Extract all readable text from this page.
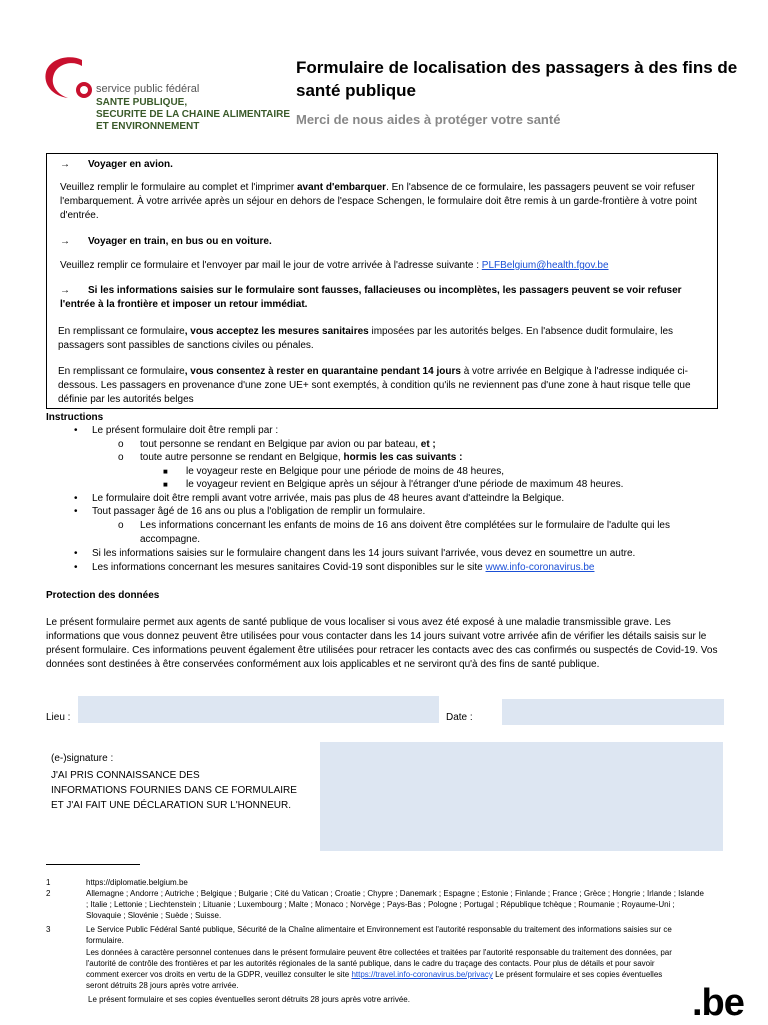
service public fédéral
SANTE PUBLIQUE,
SECURITE DE LA CHAINE ALIMENTAIRE
ET ENVIRONNEMENT
Formulaire de localisation des passagers à des fins de santé publique
Merci de nous aides à protéger votre santé
→ Voyager en avion.
Veuillez remplir le formulaire au complet et l'imprimer avant d'embarquer. En l'absence de ce formulaire, les passagers peuvent se voir refuser l'embarquement. À votre arrivée après un séjour en dehors de l'espace Schengen, le formulaire doit être remis à un garde-frontière à votre point d'entrée.
→ Voyager en train, en bus ou en voiture.
Veuillez remplir ce formulaire et l'envoyer par mail le jour de votre arrivée à l'adresse suivante : PLFBelgium@health.fgov.be
→ Si les informations saisies sur le formulaire sont fausses, fallacieuses ou incomplètes, les passagers peuvent se voir refuser l'entrée à la frontière et imposer un retour immédiat.
En remplissant ce formulaire, vous acceptez les mesures sanitaires imposées par les autorités belges. En l'absence dudit formulaire, les passagers sont passibles de sanctions civiles ou pénales.
En remplissant ce formulaire, vous consentez à rester en quarantaine pendant 14 jours à votre arrivée en Belgique à l'adresse indiquée ci-dessous. Les passagers en provenance d'une zone UE+ sont exemptés, à condition qu'ils ne reviennent pas d'une zone à haut risque telle que définie par les autorités belges
Instructions
• Le présent formulaire doit être rempli par :
o tout personne se rendant en Belgique par avion ou par bateau, et ;
o toute autre personne se rendant en Belgique, hormis les cas suivants :
■ le voyageur reste en Belgique pour une période de moins de 48 heures,
■ le voyageur revient en Belgique après un séjour à l'étranger d'une période de maximum 48 heures.
• Le formulaire doit être rempli avant votre arrivée, mais pas plus de 48 heures avant d'atteindre la Belgique.
• Tout passager âgé de 16 ans ou plus a l'obligation de remplir un formulaire.
o Les informations concernant les enfants de moins de 16 ans doivent être complétées sur le formulaire de l'adulte qui les accompagne.
• Si les informations saisies sur le formulaire changent dans les 14 jours suivant l'arrivée, vous devez en soumettre un autre.
• Les informations concernant les mesures sanitaires Covid-19 sont disponibles sur le site www.info-coronavirus.be
Protection des données
Le présent formulaire permet aux agents de santé publique de vous localiser si vous avez été exposé à une maladie transmissible grave. Les informations que vous donnez peuvent être utilisées pour vous contacter dans les 14 jours suivant votre arrivée afin de vérifier les détails saisis sur le présent formulaire. Ces informations peuvent également être utilisées pour retracer les contacts avec des cas confirmés ou suspectés de Covid-19. Vos données sont destinées à être conservées conformément aux lois applicables et ne serviront qu'à des fins de santé publique.
Lieu :	Date :
(e-)signature :
J'AI PRIS CONNAISSANCE DES
INFORMATIONS FOURNIES DANS CE FORMULAIRE
ET J'AI FAIT UNE DÉCLARATION SUR L'HONNEUR.
1	https://diplomatie.belgium.be
2	Allemagne ; Andorre ; Autriche ; Belgique ; Bulgarie ; Cité du Vatican ; Croatie ; Chypre ; Danemark ; Espagne ; Estonie ; Finlande ; France ; Grèce ; Hongrie ; Irlande ; Islande ; Italie ; Lettonie ; Liechtenstein ; Lituanie ; Luxembourg ; Malte ; Monaco ; Norvège ; Pays-Bas ; Pologne ; Portugal ; République tchèque ; Roumanie ; Royaume-Uni ; Slovaquie ; Slovénie ; Suède ; Suisse.
3	Le Service Public Fédéral Santé publique, Sécurité de la Chaîne alimentaire et Environnement est l'autorité responsable du traitement des informations saisies sur ce formulaire.
Les données à caractère personnel contenues dans le présent formulaire peuvent être collectées et traitées par l'autorité responsable du traitement des données, par l'autorité de contrôle des frontières et par les autorités régionales de la santé publique, dans le cadre du traçage des contacts. Pour plus de détails et pour savoir comment exercer vos droits en vertu de la GDPR, veuillez consulter le site https://travel.info-coronavirus.be/privacy Le présent formulaire et ses copies éventuelles seront détruits 28 jours après votre arrivée.
Le présent formulaire et ses copies éventuelles seront détruits 28 jours après votre arrivée.	.be
